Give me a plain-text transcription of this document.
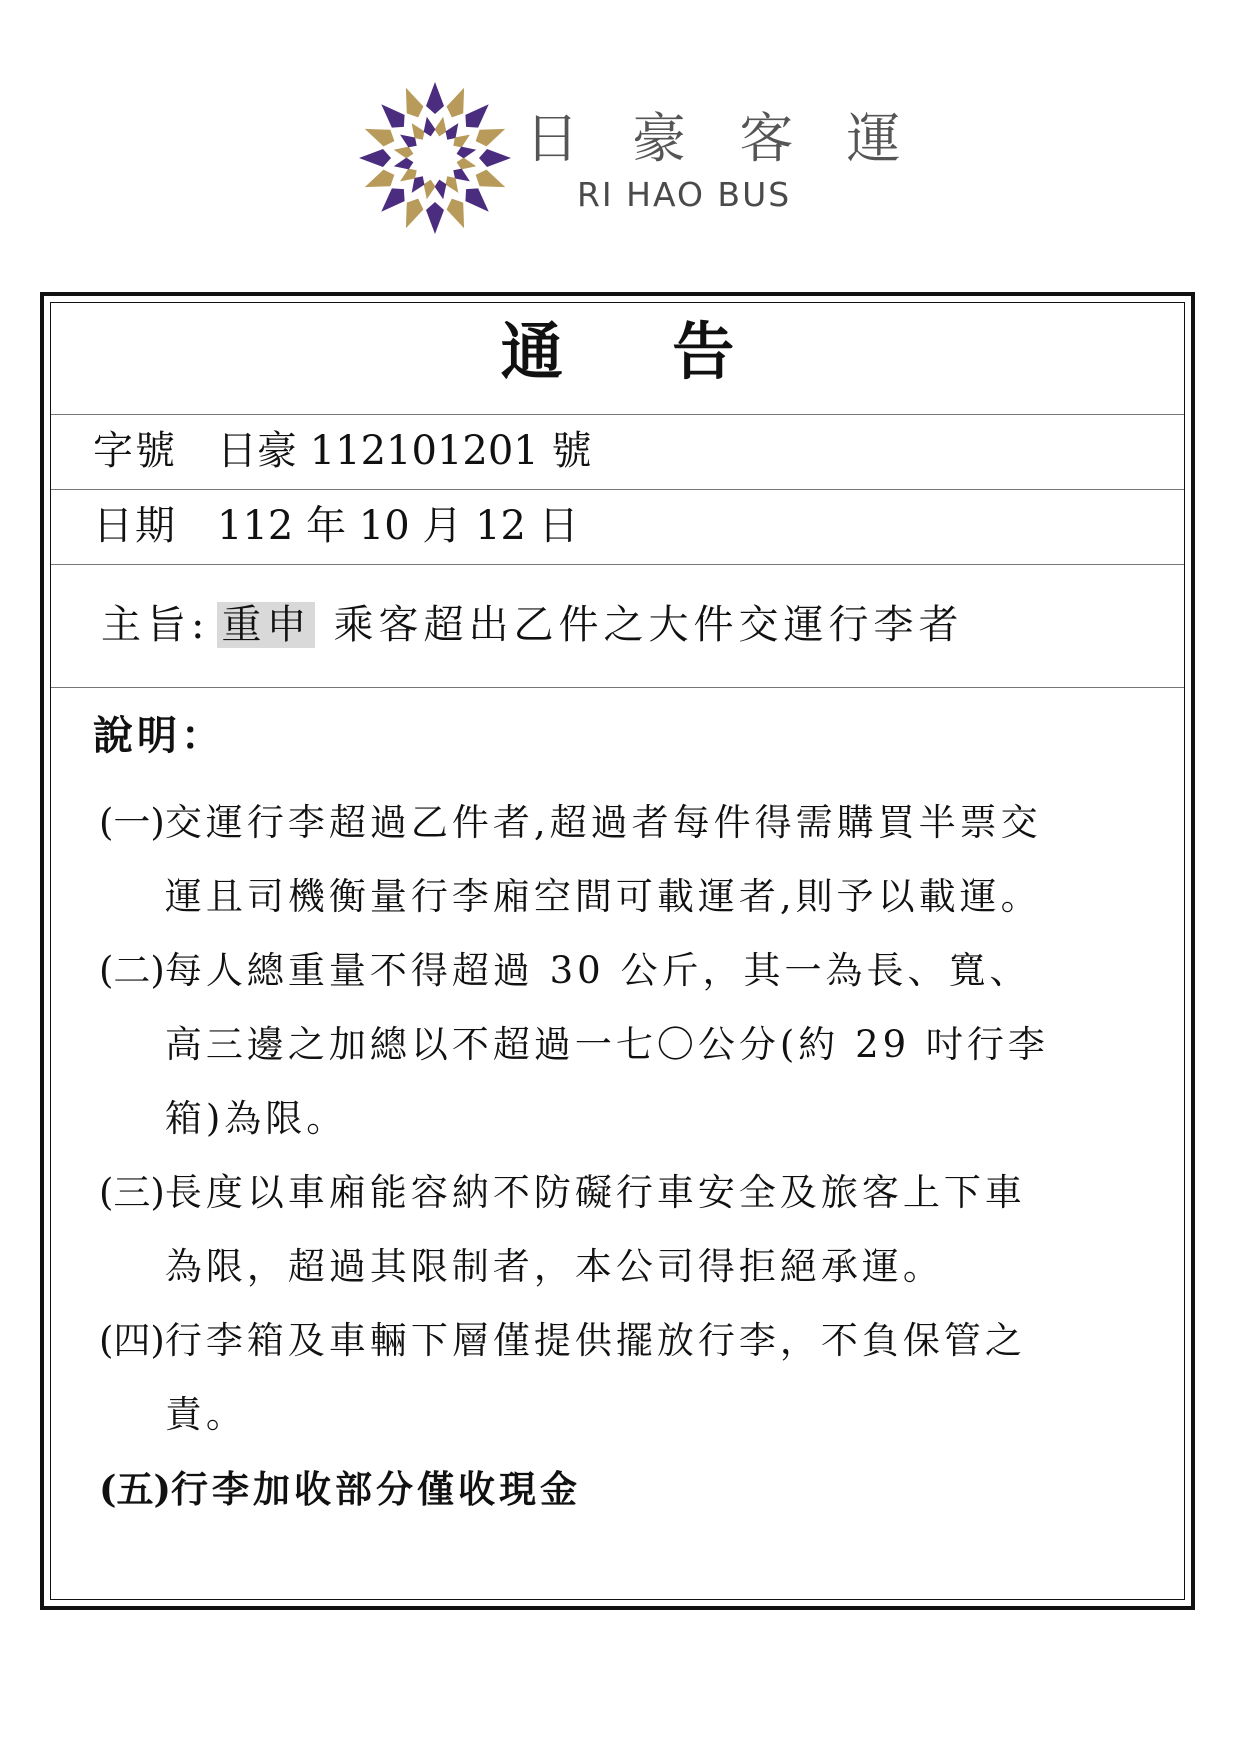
日 豪 客 運
RI HAO BUS
通 告
字號 日豪 112101201 號
日期 112 年 10 月 12 日
主旨: 重申 乘客超出乙件之大件交運行李者
說明：
(一) 交運行李超過乙件者,超過者每件得需購買半票交運且司機衡量行李廂空間可載運者,則予以載運。
(二) 每人總重量不得超過 30 公斤，其一為長、寬、高三邊之加總以不超過一七〇公分(約 29 吋行李箱)為限。
(三) 長度以車廂能容納不防礙行車安全及旅客上下車為限，超過其限制者，本公司得拒絕承運。
(四) 行李箱及車輛下層僅提供擺放行李，不負保管之責。
(五) 行李加收部分僅收現金
